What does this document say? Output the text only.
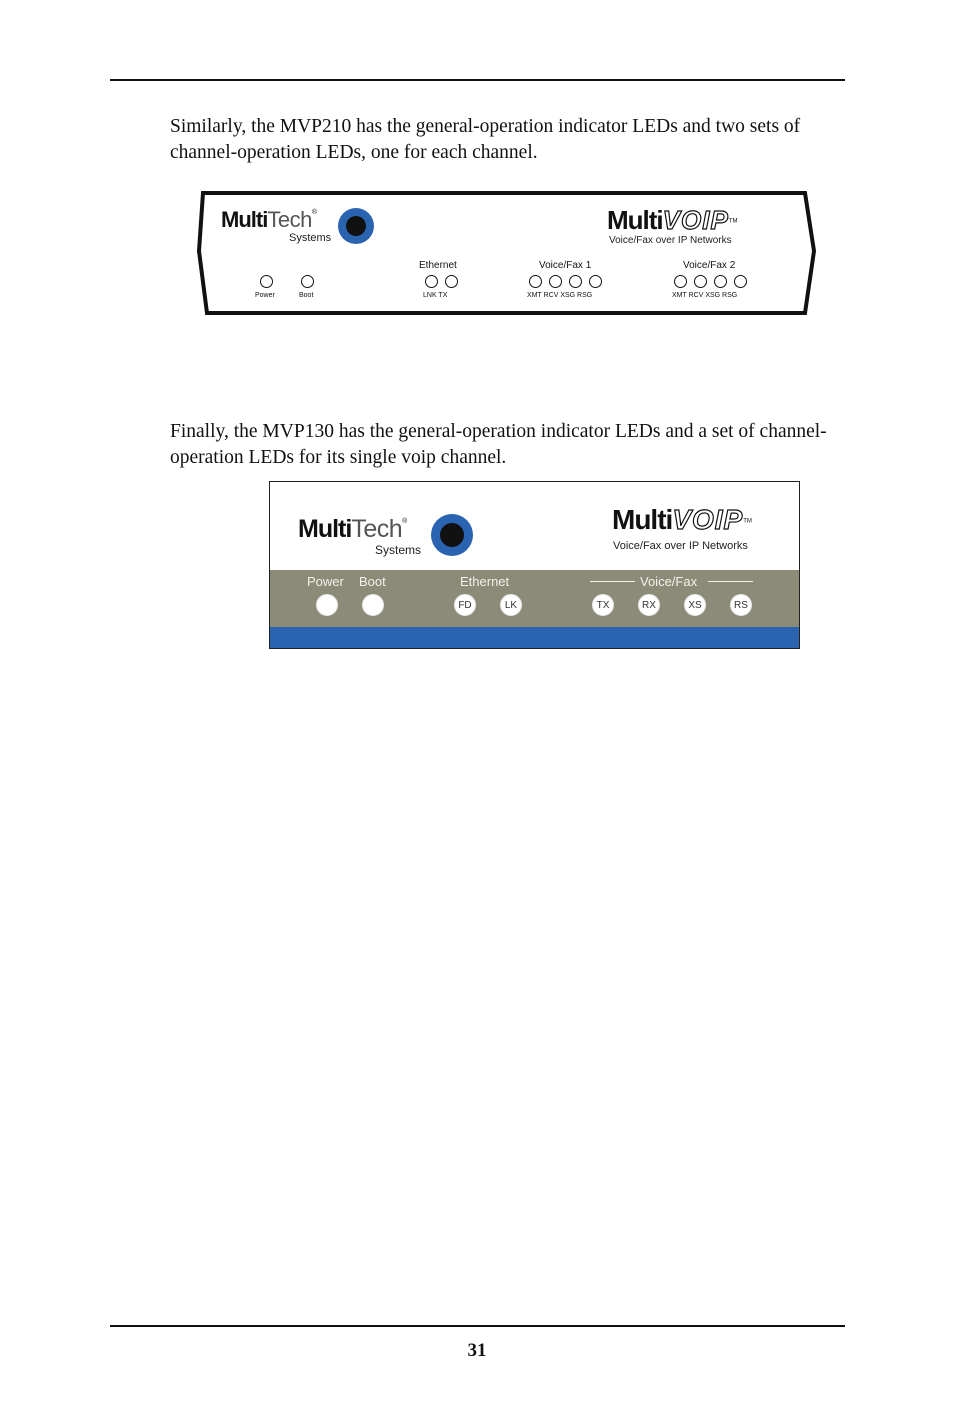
Similarly, the MVP210 has the general-operation indicator LEDs and two sets of channel-operation LEDs, one for each channel.

Multi Tech ®
Systems
MultiVOIP™
Voice/Fax over IP Networks
Power	Boot
Ethernet
LNK TX
Voice/Fax 1
XMT RCV XSG RSG
Voice/Fax 2
XMT RCV XSG RSG

Finally, the MVP130 has the general-operation indicator LEDs and a set of channel-operation LEDs for its single voip channel.

Multi Tech ®
Systems
MultiVOIP™
Voice/Fax over IP Networks
Power Boot	Ethernet	Voice/Fax
FD	LK	TX	RX	XS	RS
31
